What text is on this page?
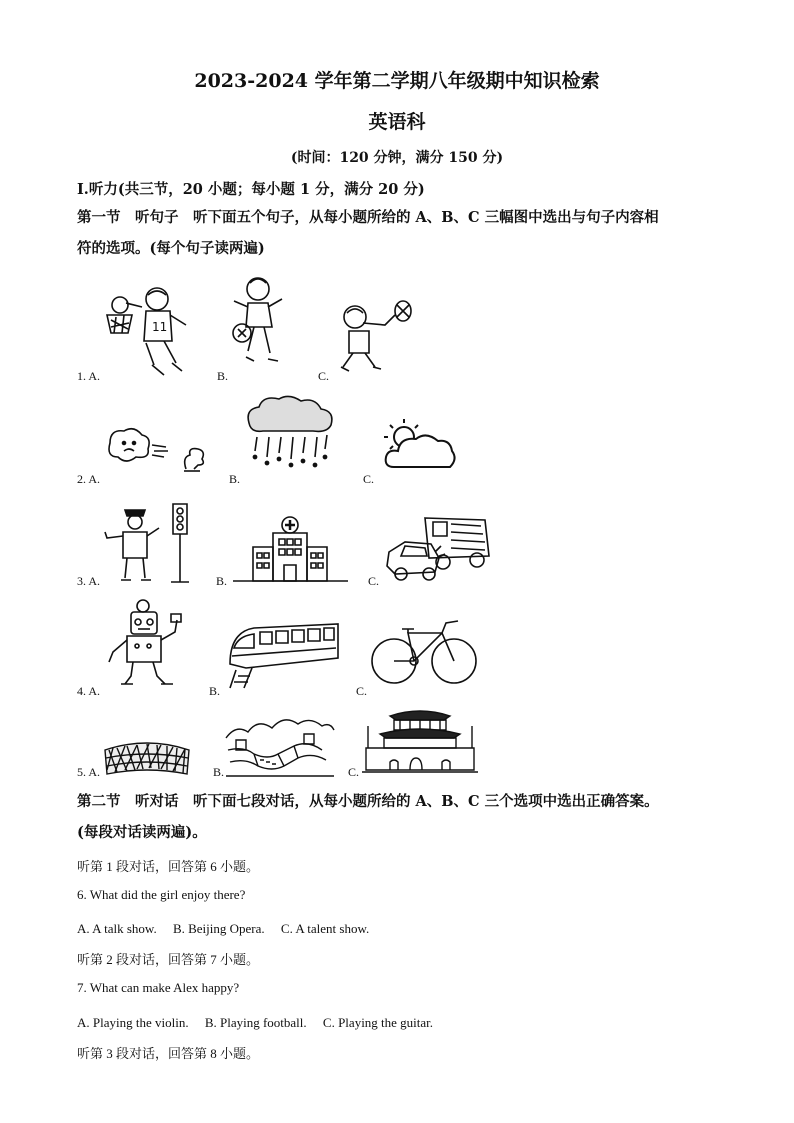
2023-2024 学年第二学期八年级期中知识检索
英语科
(时间：120 分钟，满分 150 分)
Ⅰ.听力(共三节，20 小题；每小题 1 分，满分 20 分)
第一节　听句子　听下面五个句子，从每小题所给的 A、B、C 三幅图中选出与句子内容相
符的选项。(每个句子读两遍)
1. A.	B.	C.
11
2. A.	B.	C.
3. A.	B.	C.
4. A.	B.	C.
5. A.	B.	C.
第二节　听对话　听下面七段对话，从每小题所给的 A、B、C 三个选项中选出正确答案。
(每段对话读两遍)。
听第 1 段对话，回答第 6 小题。
6. What did the girl enjoy there?
A. A talk show.　 B. Beijing Opera.　 C. A talent show.
听第 2 段对话，回答第 7 小题。
7. What can make Alex happy?
A. Playing the violin.　 B. Playing football.　 C. Playing the guitar.
听第 3 段对话，回答第 8 小题。
